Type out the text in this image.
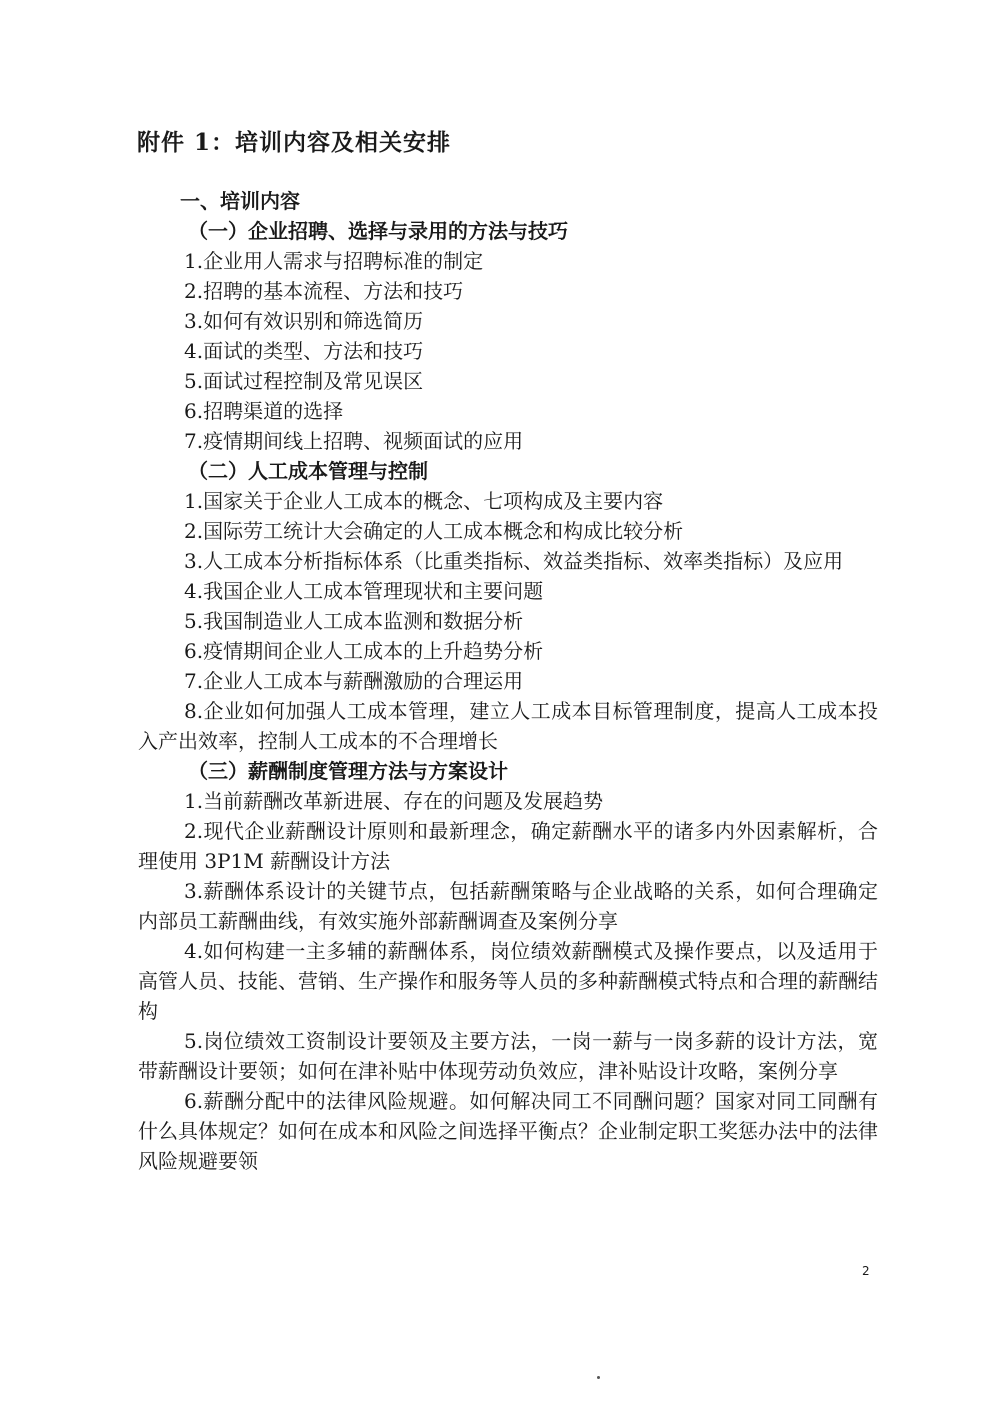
附件 1：培训内容及相关安排
一、培训内容
（一）企业招聘、选择与录用的方法与技巧
1.企业用人需求与招聘标准的制定
2.招聘的基本流程、方法和技巧
3.如何有效识别和筛选简历
4.面试的类型、方法和技巧
5.面试过程控制及常见误区
6.招聘渠道的选择
7.疫情期间线上招聘、视频面试的应用
（二）人工成本管理与控制
1.国家关于企业人工成本的概念、七项构成及主要内容
2.国际劳工统计大会确定的人工成本概念和构成比较分析
3.人工成本分析指标体系（比重类指标、效益类指标、效率类指标）及应用
4.我国企业人工成本管理现状和主要问题
5.我国制造业人工成本监测和数据分析
6.疫情期间企业人工成本的上升趋势分析
7.企业人工成本与薪酬激励的合理运用
8.企业如何加强人工成本管理，建立人工成本目标管理制度，提高人工成本投入产出效率，控制人工成本的不合理增长
（三）薪酬制度管理方法与方案设计
1.当前薪酬改革新进展、存在的问题及发展趋势
2.现代企业薪酬设计原则和最新理念，确定薪酬水平的诸多内外因素解析，合理使用 3P1M 薪酬设计方法
3.薪酬体系设计的关键节点，包括薪酬策略与企业战略的关系，如何合理确定内部员工薪酬曲线，有效实施外部薪酬调查及案例分享
4.如何构建一主多辅的薪酬体系，岗位绩效薪酬模式及操作要点，以及适用于高管人员、技能、营销、生产操作和服务等人员的多种薪酬模式特点和合理的薪酬结构
5.岗位绩效工资制设计要领及主要方法，一岗一薪与一岗多薪的设计方法，宽带薪酬设计要领；如何在津补贴中体现劳动负效应，津补贴设计攻略，案例分享
6.薪酬分配中的法律风险规避。如何解决同工不同酬问题？国家对同工同酬有什么具体规定？如何在成本和风险之间选择平衡点？企业制定职工奖惩办法中的法律风险规避要领
2
